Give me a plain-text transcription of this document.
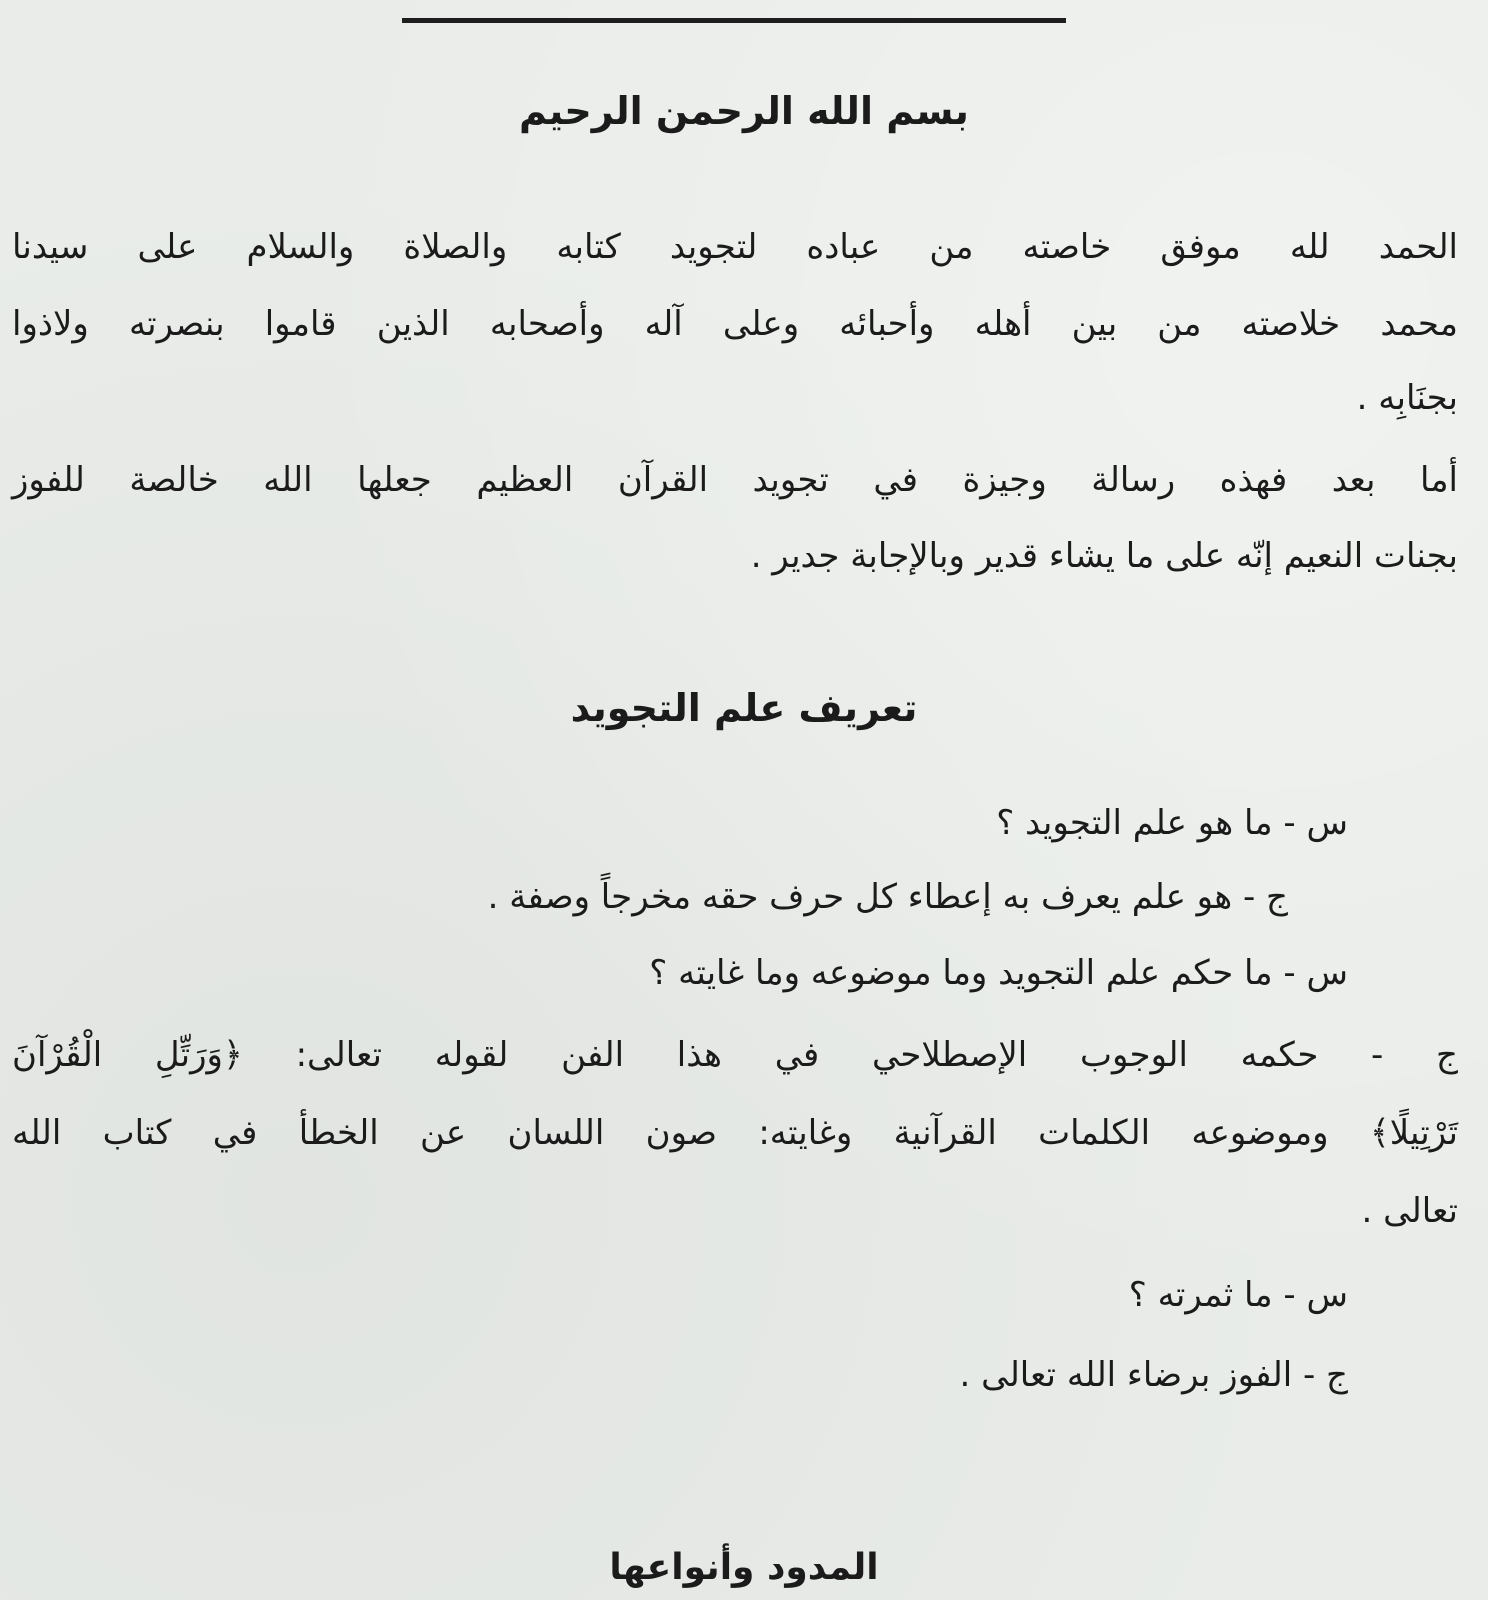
بسم الله الرحمن الرحيم
الحمد لله موفق خاصته من عباده لتجويد كتابه والصلاة والسلام على سيدنا
محمد خلاصته من بين أهله وأحبائه وعلى آله وأصحابه الذين قاموا بنصرته ولاذوا
بجنَابِه .
أما بعد فهذه رسالة وجيزة في تجويد القرآن العظيم جعلها الله خالصة للفوز
بجنات النعيم إنّه على ما يشاء قدير وبالإجابة جدير .
تعريف علم التجويد
س - ما هو علم التجويد ؟
ج - هو علم يعرف به إعطاء كل حرف حقه مخرجاً وصفة .
س - ما حكم علم التجويد وما موضوعه وما غايته ؟
ج - حكمه الوجوب الإصطلاحي في هذا الفن لقوله تعالى: ﴿وَرَتِّلِ الْقُرْآنَ
تَرْتِيلًا﴾ وموضوعه الكلمات القرآنية وغايته: صون اللسان عن الخطأ في كتاب الله
تعالى .
س - ما ثمرته ؟
ج - الفوز برضاء الله تعالى .
المدود وأنواعها
